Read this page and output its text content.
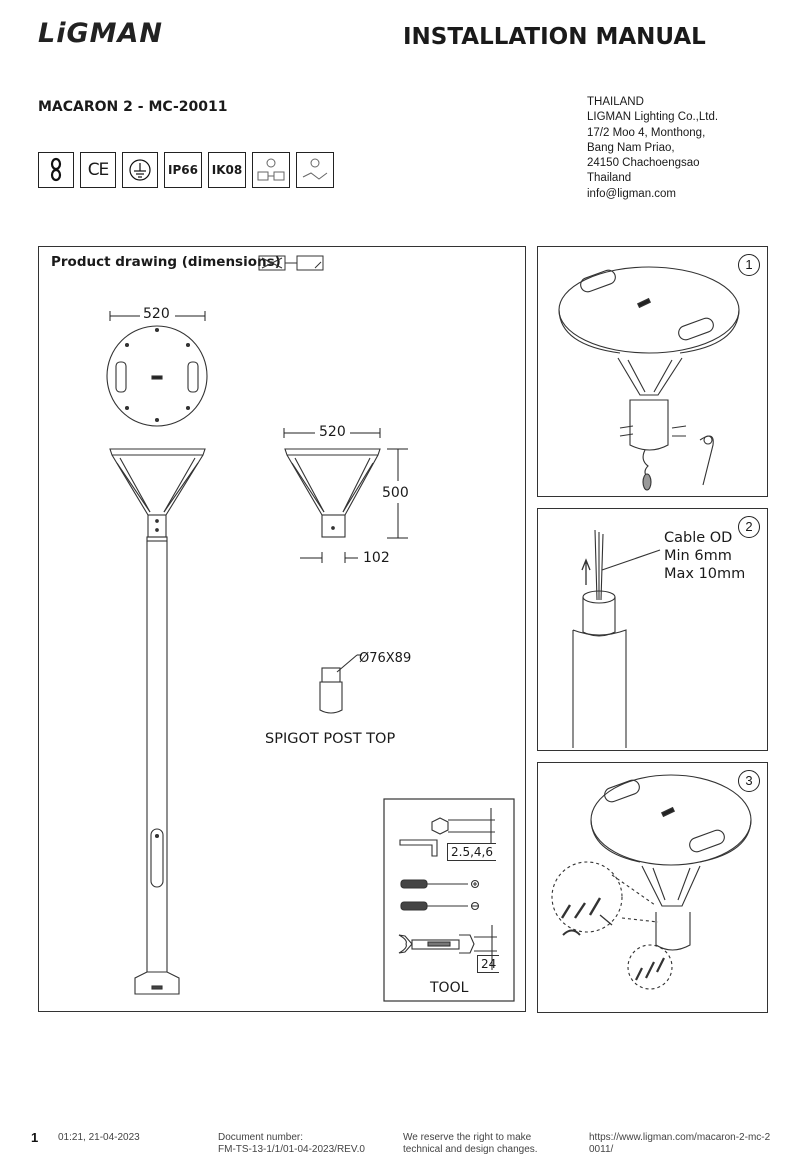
LiGMAN	INSTALLATION MANUAL
MACARON 2 - MC-20011	THAILAND
LIGMAN Lighting Co.,Ltd.
17/2 Moo 4, Monthong,
Bang Nam Priao,
24150 Chachoengsao
Thailand
info@ligman.com
CE	IP66	IK08
Product drawing (dimensions)
520
520
500
102
Ø76X89
SPIGOT POST TOP
2.5,4,6
24
TOOL
1
2
Cable OD
Min 6mm
Max 10mm
3
1 01:21, 21-04-2023	Document number:
FM-TS-13-1/1/01-04-2023/REV.0
We reserve the right to make
technical and design changes.
https://www.ligman.com/macaron-2-mc-2
0011/
